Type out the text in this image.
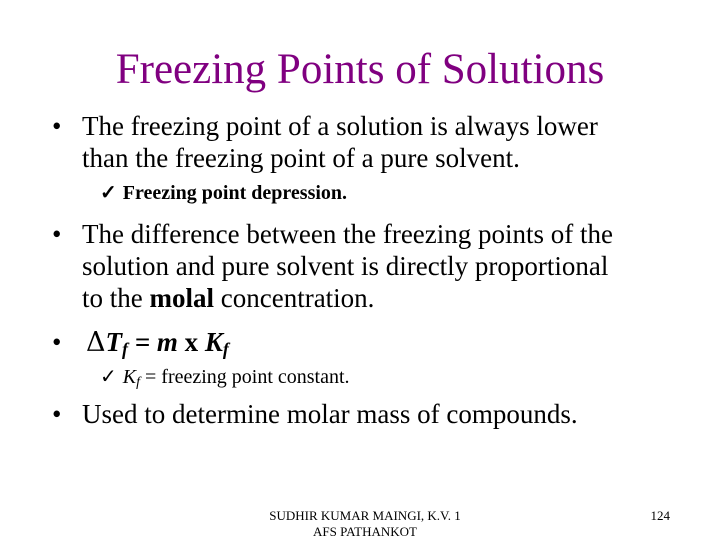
Freezing Points of Solutions
• The freezing point of a solution is always lower
than the freezing point of a pure solvent.
✓ Freezing point depression.
• The difference between the freezing points of the
solution and pure solvent is directly proportional
to the molal concentration.
• ΔTf = m x Kf
✓ Kf = freezing point constant.
• Used to determine molar mass of compounds.
SUDHIR KUMAR MAINGI, K.V. 1
AFS PATHANKOT
124
